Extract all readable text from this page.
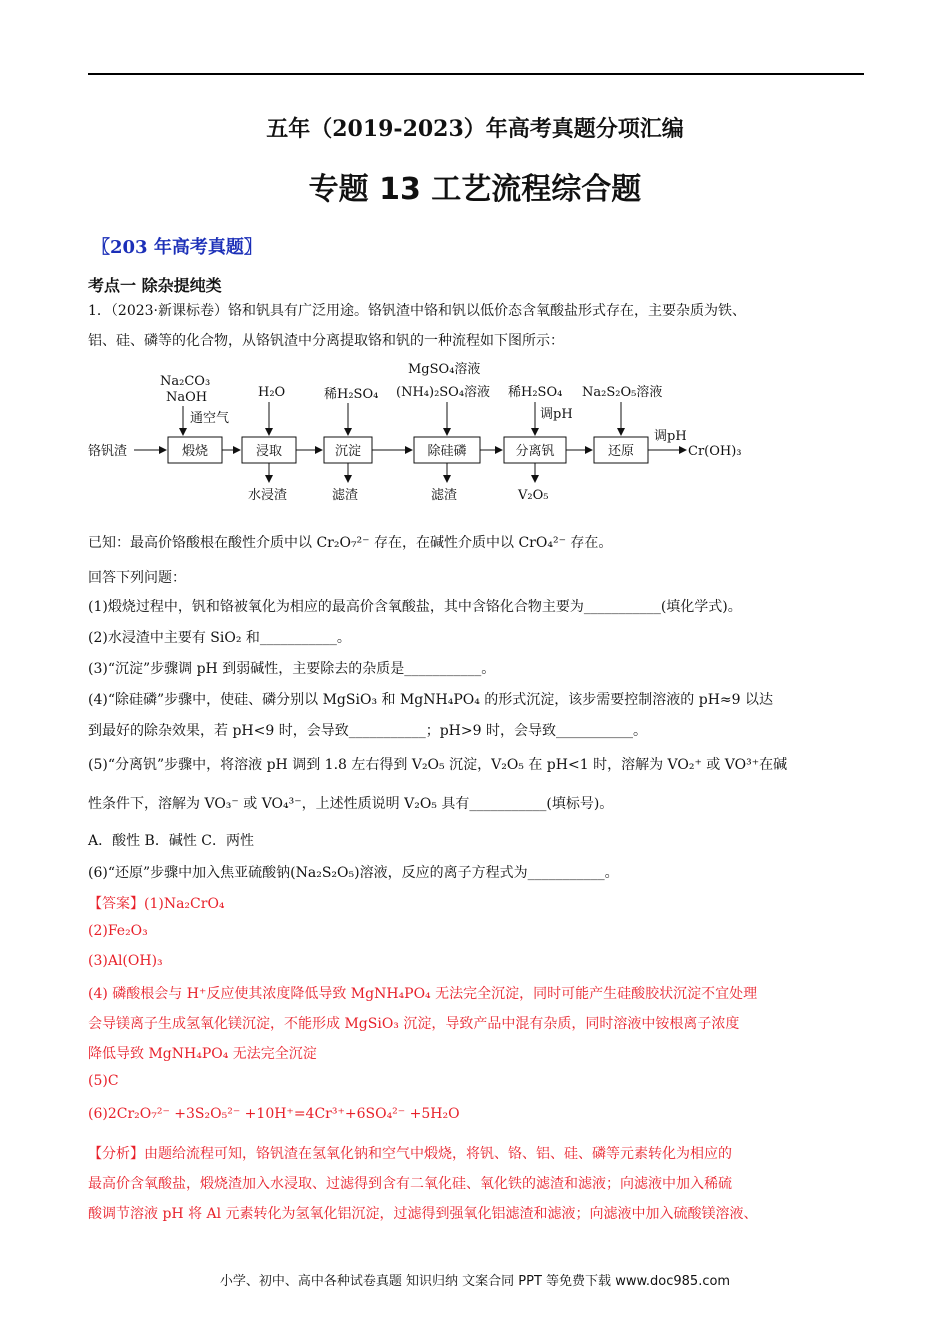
五年（2019-2023）年高考真题分项汇编
专题 13 工艺流程综合题
〖203 年高考真题〗
考点一 除杂提纯类
1．（2023·新课标卷）铬和钒具有广泛用途。铬钒渣中铬和钒以低价态含氧酸盐形式存在，主要杂质为铁、
铝、硅、磷等的化合物，从铬钒渣中分离提取铬和钒的一种流程如下图所示：
铬钒渣	煅烧
Na₂CO₃
NaOH
通空气
浸取
H₂O
水浸渣
沉淀
稀H₂SO₄
滤渣
除硅磷
MgSO₄溶液
(NH₄)₂SO₄溶液
滤渣
分离钒
稀H₂SO₄
调pH
V₂O₅
还原
Na₂S₂O₅溶液
调pH
Cr(OH)₃
已知：最高价铬酸根在酸性介质中以 Cr₂O₇²⁻ 存在，在碱性介质中以 CrO₄²⁻ 存在。
回答下列问题：
(1)煅烧过程中，钒和铬被氧化为相应的最高价含氧酸盐，其中含铬化合物主要为___________(填化学式)。
(2)水浸渣中主要有 SiO₂ 和___________。
(3)“沉淀”步骤调 pH 到弱碱性，主要除去的杂质是___________。
(4)“除硅磷”步骤中，使硅、磷分别以 MgSiO₃ 和 MgNH₄PO₄ 的形式沉淀，该步需要控制溶液的 pH≈9 以达
到最好的除杂效果，若 pH<9 时，会导致___________；pH>9 时，会导致___________。
(5)“分离钒”步骤中，将溶液 pH 调到 1.8 左右得到 V₂O₅ 沉淀，V₂O₅ 在 pH<1 时，溶解为 VO₂⁺ 或 VO³⁺在碱
性条件下，溶解为 VO₃⁻ 或 VO₄³⁻，上述性质说明 V₂O₅ 具有___________(填标号)。
A．酸性 B．碱性 C．两性
(6)“还原”步骤中加入焦亚硫酸钠(Na₂S₂O₅)溶液，反应的离子方程式为___________。
【答案】(1)Na₂CrO₄
(2)Fe₂O₃
(3)Al(OH)₃
(4) 磷酸根会与 H⁺反应使其浓度降低导致 MgNH₄PO₄ 无法完全沉淀，同时可能产生硅酸胶状沉淀不宜处理
会导镁离子生成氢氧化镁沉淀，不能形成 MgSiO₃ 沉淀，导致产品中混有杂质，同时溶液中铵根离子浓度
降低导致 MgNH₄PO₄ 无法完全沉淀
(5)C
(6)2Cr₂O₇²⁻ +3S₂O₅²⁻ +10H⁺=4Cr³⁺+6SO₄²⁻ +5H₂O
【分析】由题给流程可知，铬钒渣在氢氧化钠和空气中煅烧，将钒、铬、铝、硅、磷等元素转化为相应的
最高价含氧酸盐，煅烧渣加入水浸取、过滤得到含有二氧化硅、氧化铁的滤渣和滤液；向滤液中加入稀硫
酸调节溶液 pH 将 Al 元素转化为氢氧化铝沉淀，过滤得到强氧化铝滤渣和滤液；向滤液中加入硫酸镁溶液、
小学、初中、高中各种试卷真题 知识归纳 文案合同 PPT 等免费下载 www.doc985.com
